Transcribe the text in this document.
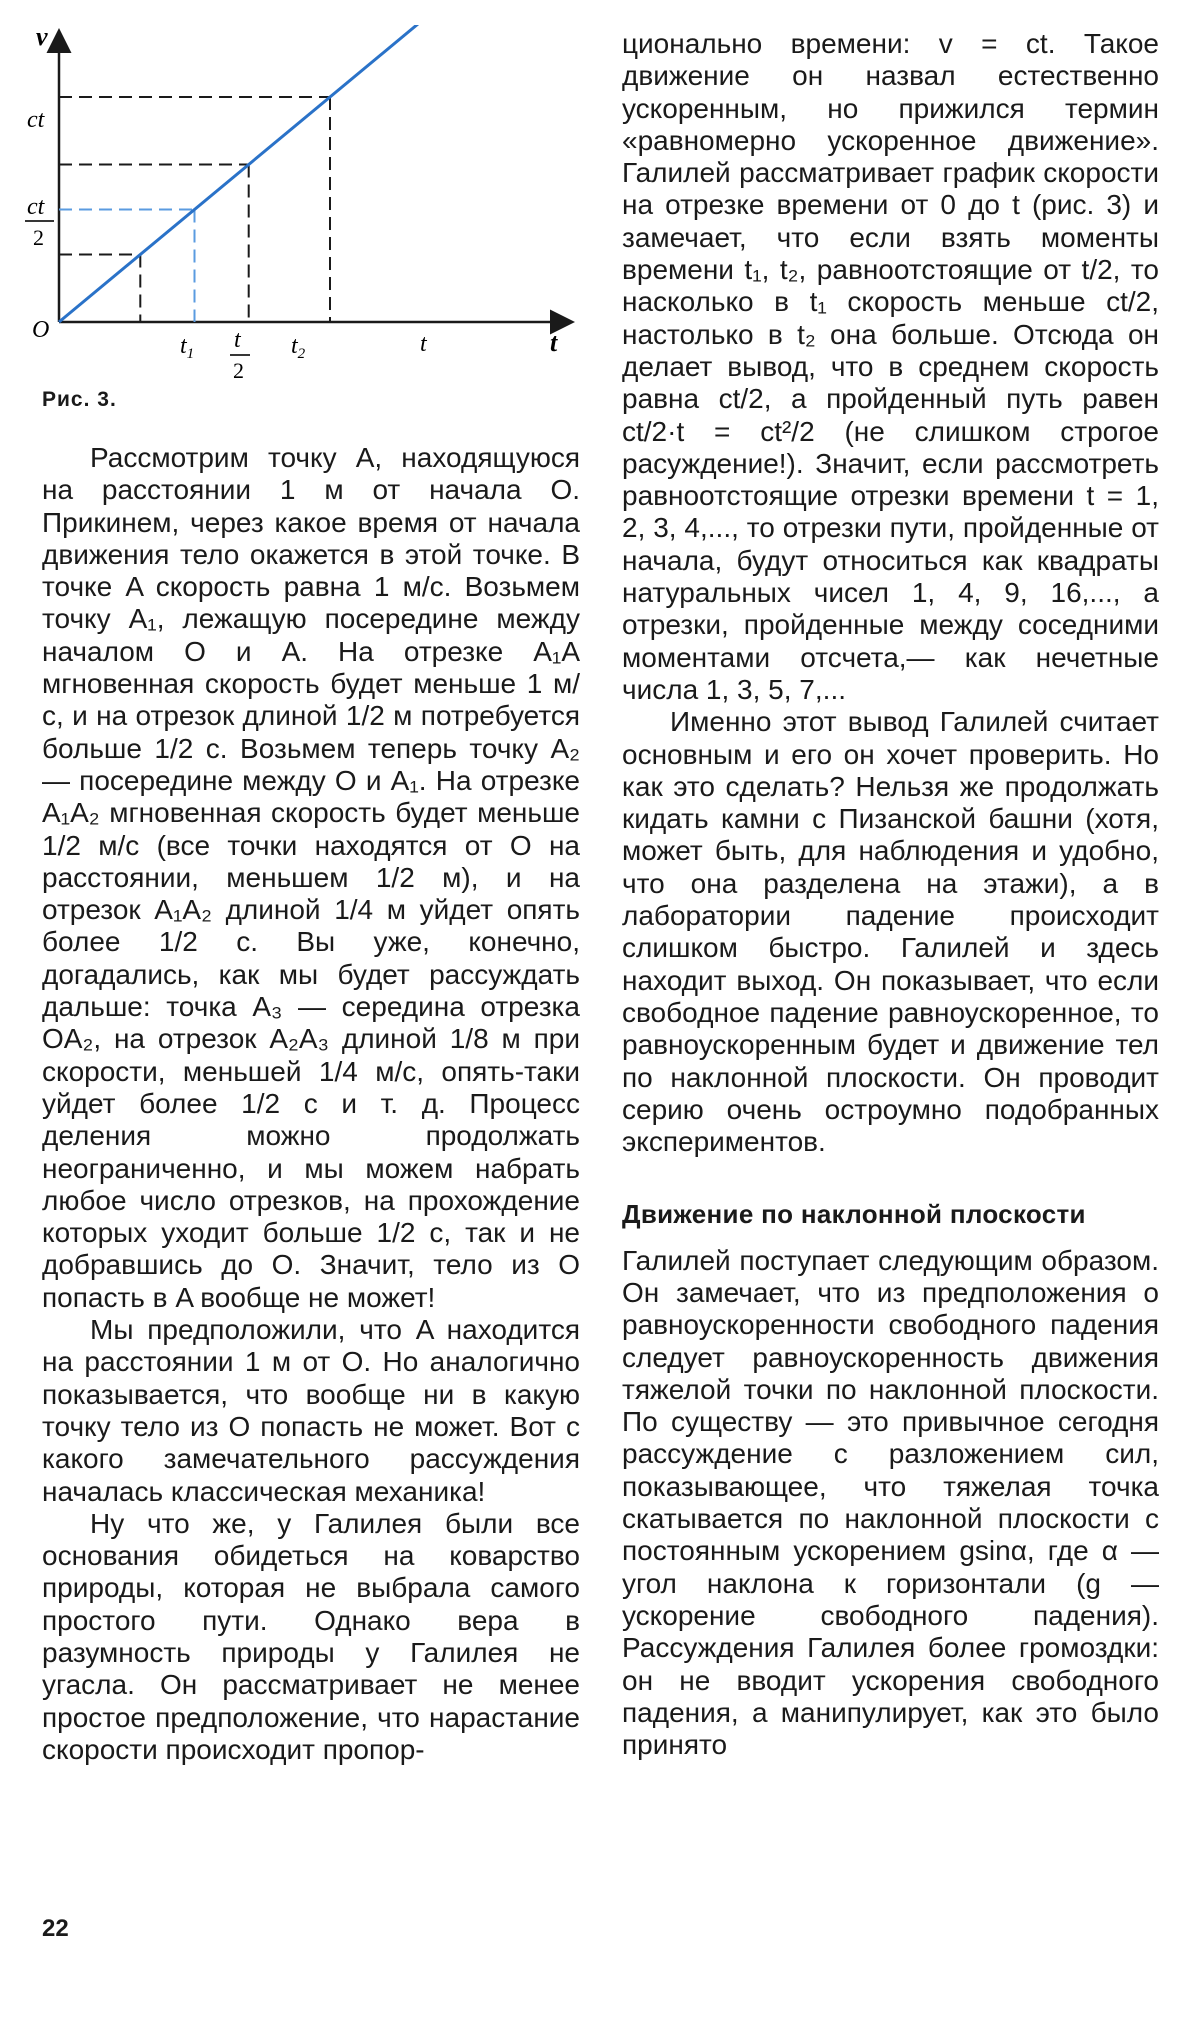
v
t
O
ct
ct
2
$t_1$
t
2
$t_2$	t
Рис. 3.

Рассмотрим точку A, находящуюся на расстоянии 1 м от начала O. Прикинем, через какое время от начала движения тело окажется в этой точке. В точке A скорость равна 1 м/с. Возьмем точку A₁, лежащую посередине между началом O и A. На отрезке A₁A мгновенная скорость будет меньше 1 м/с, и на отрезок длиной 1/2 м потребуется больше 1/2 с. Возьмем теперь точку A₂ — посередине между O и A₁. На отрезке A₁A₂ мгновенная скорость будет меньше 1/2 м/с (все точки находятся от O на расстоянии, меньшем 1/2 м), и на отрезок A₁A₂ длиной 1/4 м уйдет опять более 1/2 с. Вы уже, конечно, догадались, как мы будет рассуждать дальше: точка A₃ — середина отрезка OA₂, на отрезок A₂A₃ длиной 1/8 м при скорости, меньшей 1/4 м/с, опять-таки уйдет более 1/2 с и т. д. Процесс деления можно продолжать неограниченно, и мы можем набрать любое число отрезков, на прохождение которых уходит больше 1/2 с, так и не добравшись до O. Значит, тело из O попасть в A вообще не может!

Мы предположили, что A находится на расстоянии 1 м от O. Но аналогично показывается, что вообще ни в какую точку тело из O попасть не может. Вот с какого замечательного рассуждения началась классическая механика!

Ну что же, у Галилея были все основания обидеться на коварство природы, которая не выбрала самого простого пути. Однако вера в разумность природы у Галилея не угасла. Он рассматривает не менее простое предположение, что нарастание скорости происходит пропор-

ционально времени: v = ct. Такое движение он назвал естественно ускоренным, но прижился термин «равномерно ускоренное движение». Галилей рассматривает график скорости на отрезке времени от 0 до t (рис. 3) и замечает, что если взять моменты времени t₁, t₂, равноотстоящие от t/2, то насколько в t₁ скорость меньше ct/2, настолько в t₂ она больше. Отсюда он делает вывод, что в среднем скорость равна ct/2, а пройденный путь равен ct/2·t = ct²/2 (не слишком строгое расуждение!). Значит, если рассмотреть равноотстоящие отрезки времени t = 1, 2, 3, 4,..., то отрезки пути, пройденные от начала, будут относиться как квадраты натуральных чисел 1, 4, 9, 16,..., а отрезки, пройденные между соседними моментами отсчета,— как нечетные числа 1, 3, 5, 7,...

Именно этот вывод Галилей считает основным и его он хочет проверить. Но как это сделать? Нельзя же продолжать кидать камни с Пизанской башни (хотя, может быть, для наблюдения и удобно, что она разделена на этажи), а в лаборатории падение происходит слишком быстро. Галилей и здесь находит выход. Он показывает, что если свободное падение равноускоренное, то равноускоренным будет и движение тел по наклонной плоскости. Он проводит серию очень остроумно подобранных экспериментов.

Движение по наклонной плоскости

Галилей поступает следующим образом. Он замечает, что из предположения о равноускоренности свободного падения следует равноускоренность движения тяжелой точки по наклонной плоскости. По существу — это привычное сегодня рассуждение с разложением сил, показывающее, что тяжелая точка скатывается по наклонной плоскости с постоянным ускорением gsinα, где α — угол наклона к горизонтали (g — ускорение свободного падения). Рассуждения Галилея более громоздки: он не вводит ускорения свободного падения, а манипулирует, как это было принято

22
